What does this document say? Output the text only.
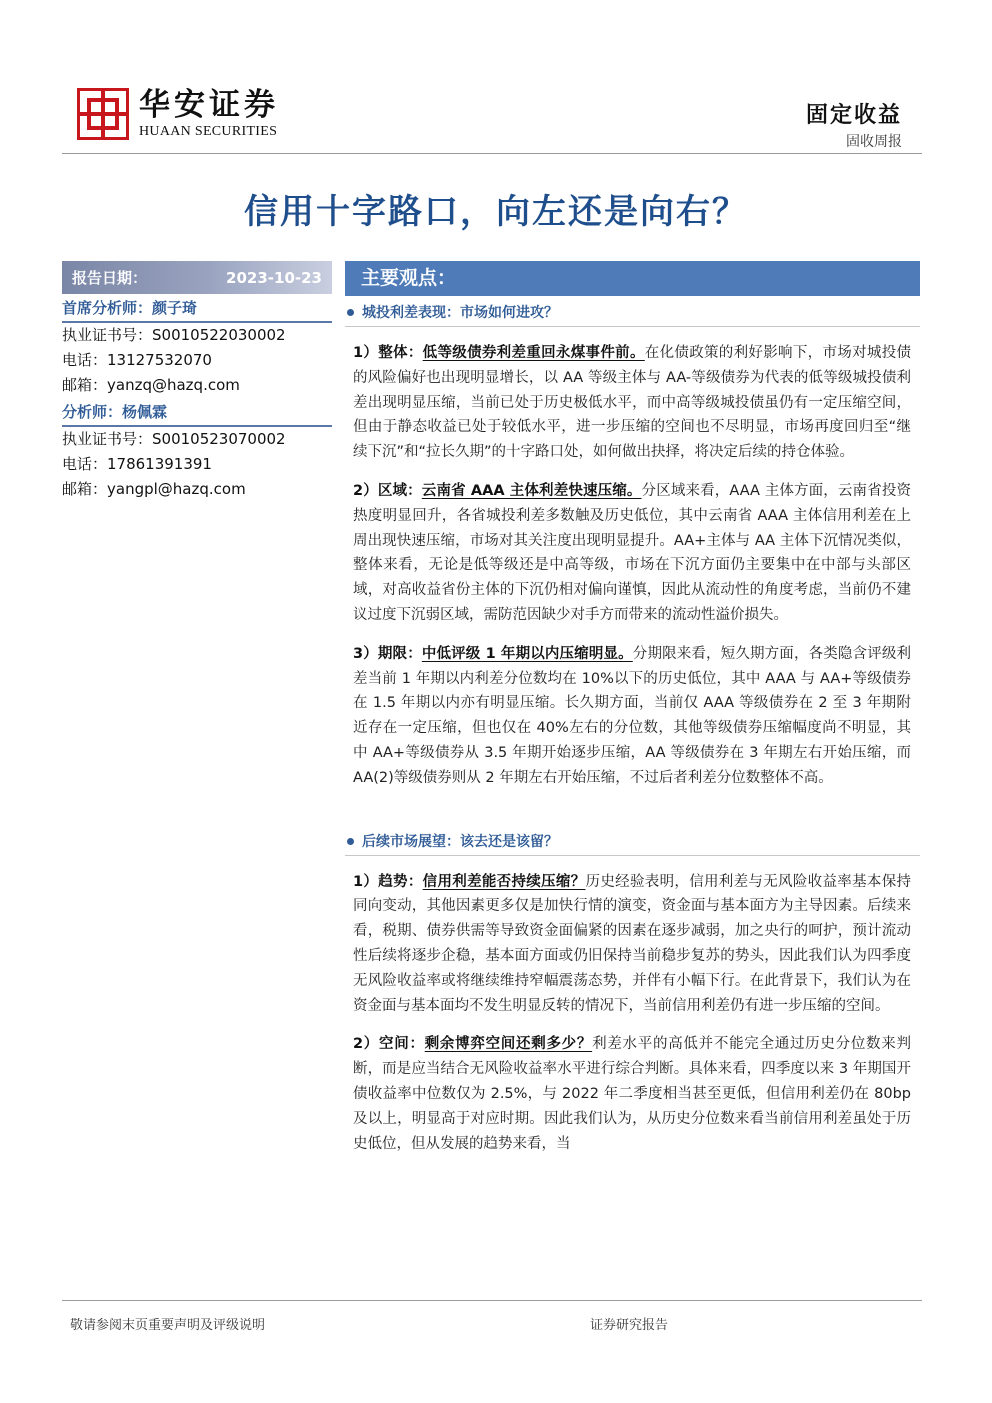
华安证券
HUAAN SECURITIES
固定收益
固收周报
信用十字路口，向左还是向右？
报告日期：	2023-10-23
首席分析师：颜子琦
执业证书号：S0010522030002
电话：13127532070
邮箱：yanzq@hazq.com
分析师：杨佩霖
执业证书号：S0010523070002
电话：17861391391
邮箱：yangpl@hazq.com
主要观点：
城投利差表现：市场如何进攻？

1）整体：低等级债券利差重回永煤事件前。在化债政策的利好影响下，市场对城投债的风险偏好也出现明显增长，以 AA 等级主体与 AA-等级债券为代表的低等级城投债利差出现明显压缩，当前已处于历史极低水平，而中高等级城投债虽仍有一定压缩空间，但由于静态收益已处于较低水平，进一步压缩的空间也不尽明显，市场再度回归至“继续下沉”和“拉长久期”的十字路口处，如何做出抉择，将决定后续的持仓体验。

2）区域：云南省 AAA 主体利差快速压缩。分区域来看，AAA 主体方面，云南省投资热度明显回升，各省城投利差多数触及历史低位，其中云南省 AAA 主体信用利差在上周出现快速压缩，市场对其关注度出现明显提升。AA+主体与 AA 主体下沉情况类似，整体来看，无论是低等级还是中高等级，市场在下沉方面仍主要集中在中部与头部区域，对高收益省份主体的下沉仍相对偏向谨慎，因此从流动性的角度考虑，当前仍不建议过度下沉弱区域，需防范因缺少对手方而带来的流动性溢价损失。

3）期限：中低评级 1 年期以内压缩明显。分期限来看，短久期方面，各类隐含评级利差当前 1 年期以内利差分位数均在 10%以下的历史低位，其中 AAA 与 AA+等级债券在 1.5 年期以内亦有明显压缩。长久期方面，当前仅 AAA 等级债券在 2 至 3 年期附近存在一定压缩，但也仅在 40%左右的分位数，其他等级债券压缩幅度尚不明显，其中 AA+等级债券从 3.5 年期开始逐步压缩，AA 等级债券在 3 年期左右开始压缩，而 AA(2)等级债券则从 2 年期左右开始压缩，不过后者利差分位数整体不高。

后续市场展望：该去还是该留？

1）趋势：信用利差能否持续压缩？历史经验表明，信用利差与无风险收益率基本保持同向变动，其他因素更多仅是加快行情的演变，资金面与基本面方为主导因素。后续来看，税期、债券供需等导致资金面偏紧的因素在逐步减弱，加之央行的呵护，预计流动性后续将逐步企稳，基本面方面或仍旧保持当前稳步复苏的势头，因此我们认为四季度无风险收益率或将继续维持窄幅震荡态势，并伴有小幅下行。在此背景下，我们认为在资金面与基本面均不发生明显反转的情况下，当前信用利差仍有进一步压缩的空间。

2）空间：剩余博弈空间还剩多少？利差水平的高低并不能完全通过历史分位数来判断，而是应当结合无风险收益率水平进行综合判断。具体来看，四季度以来 3 年期国开债收益率中位数仅为 2.5%，与 2022 年二季度相当甚至更低，但信用利差仍在 80bp 及以上，明显高于对应时期。因此我们认为，从历史分位数来看当前信用利差虽处于历史低位，但从发展的趋势来看，当

敬请参阅末页重要声明及评级说明	证券研究报告
